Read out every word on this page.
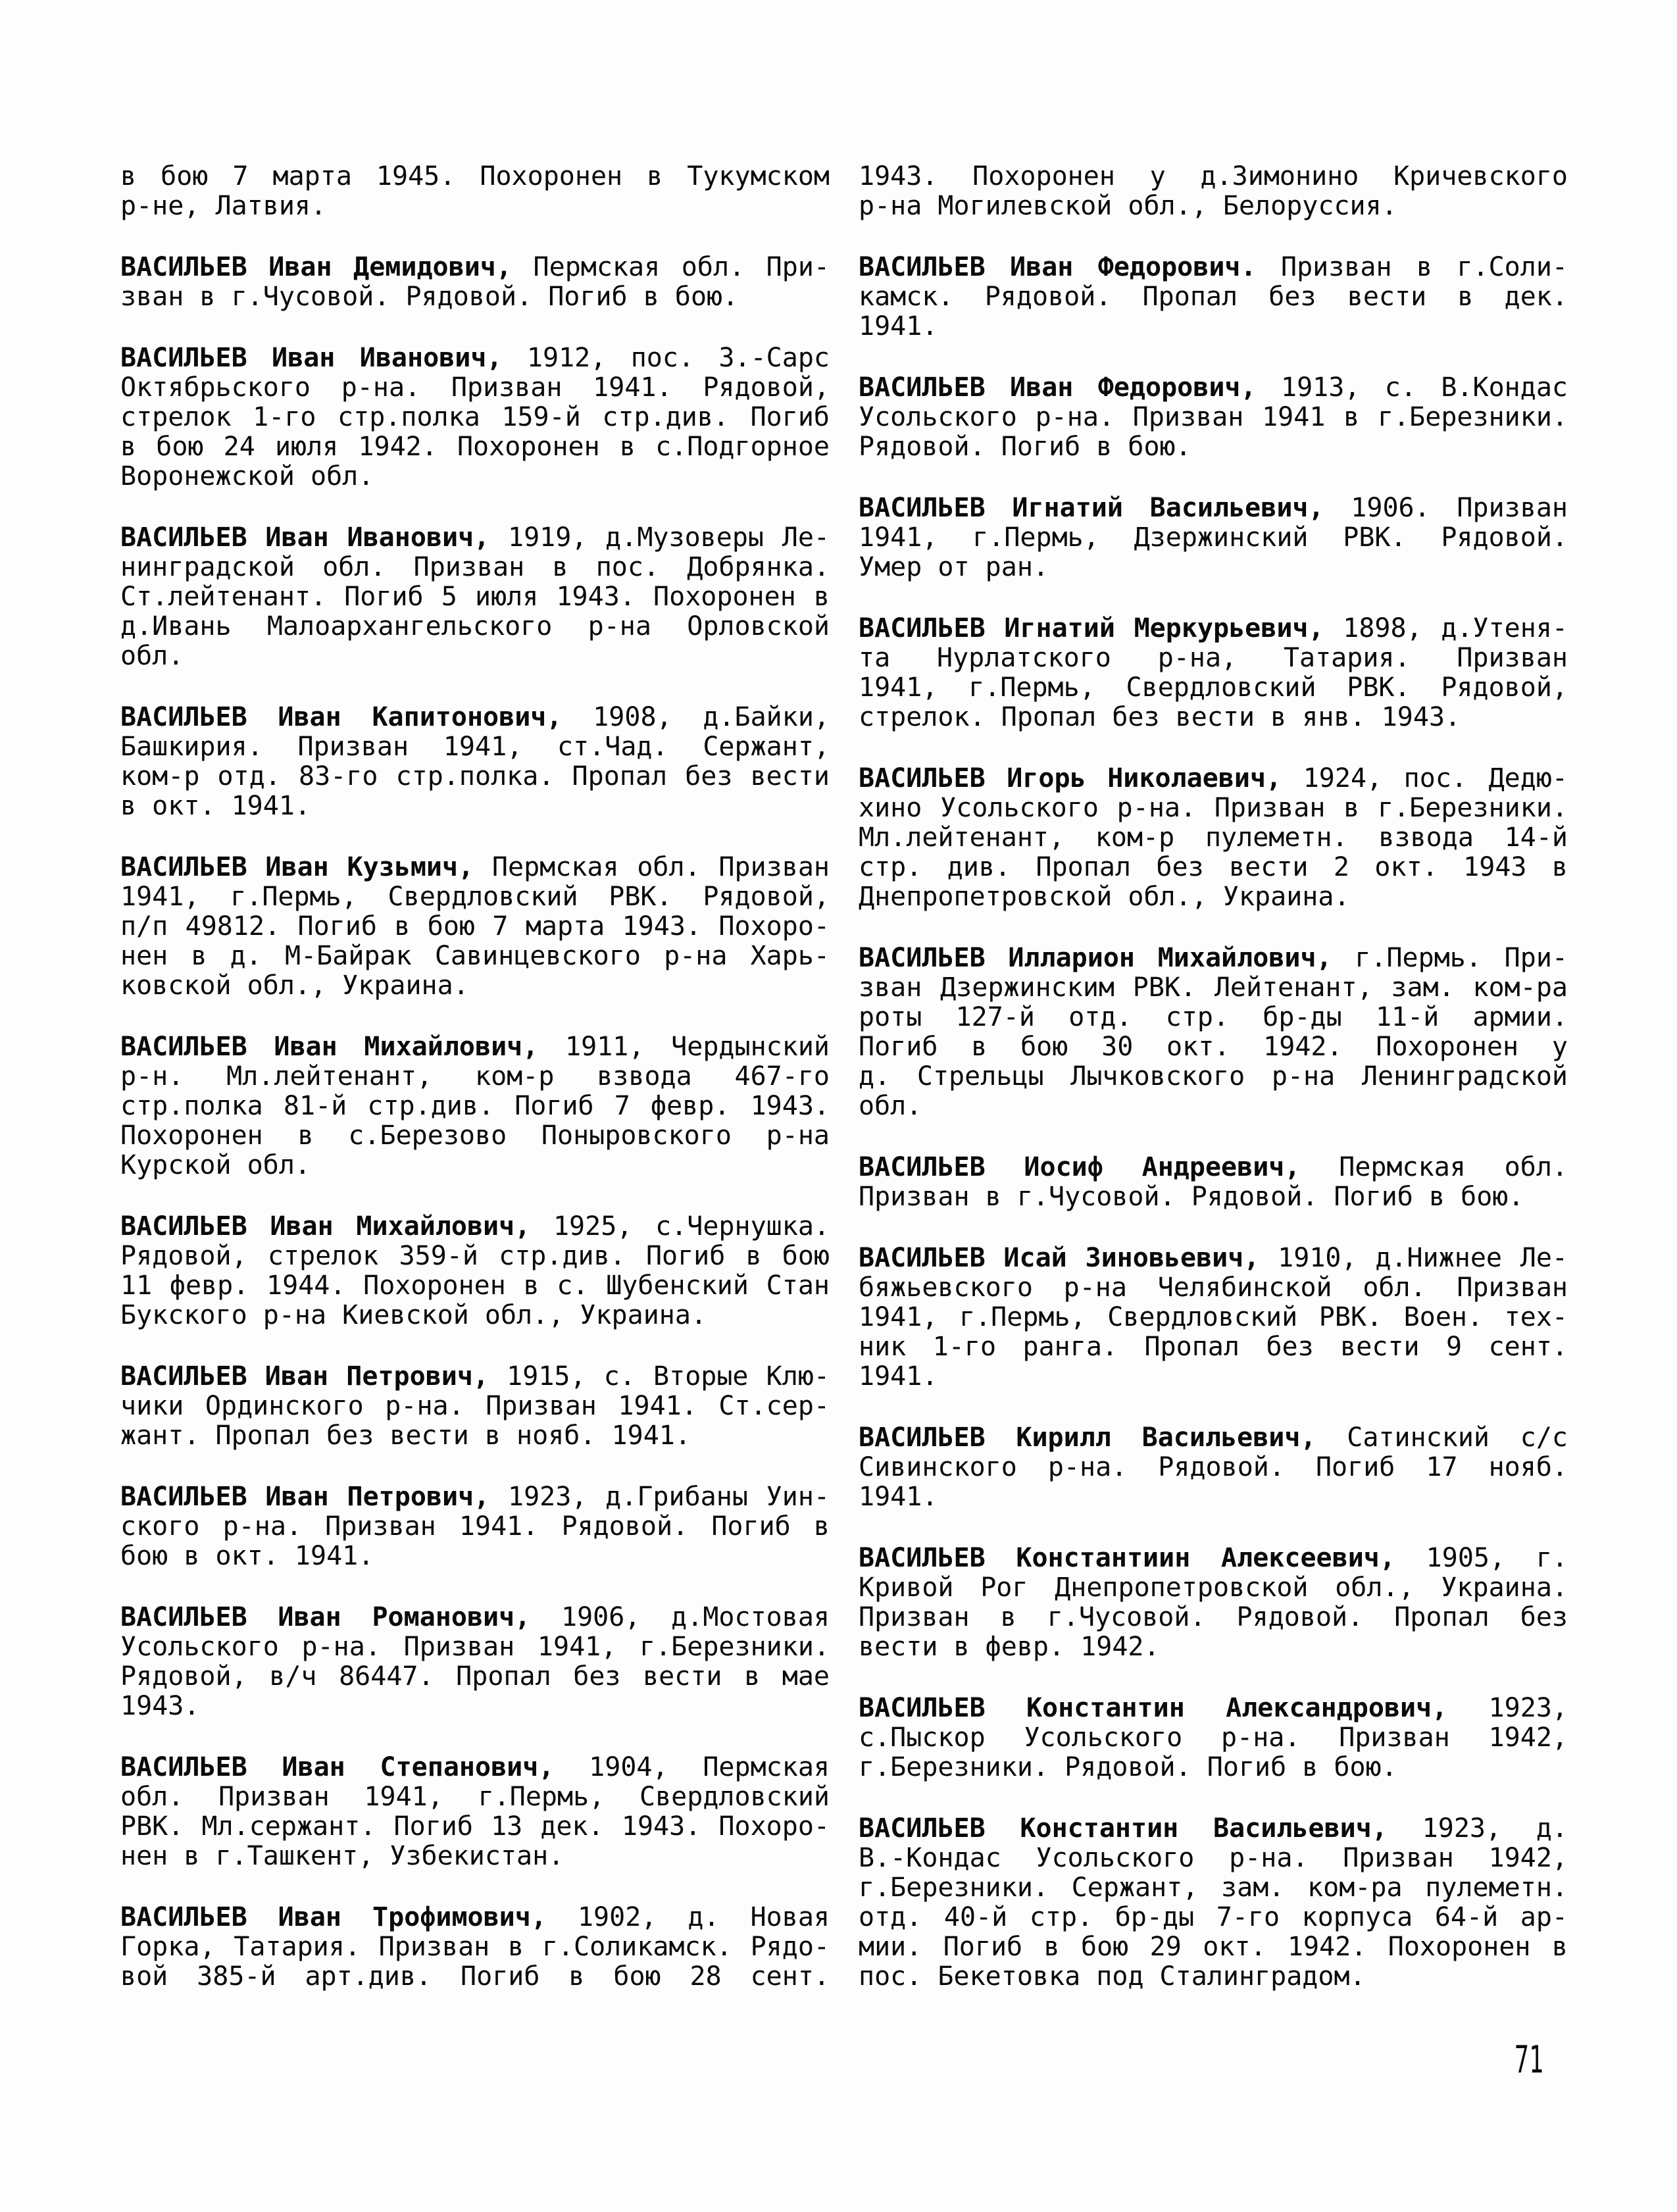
в бою 7 марта 1945. Похоронен в Тукумском
р-не, Латвия.
ВАСИЛЬЕВ Иван Демидович, Пермская обл. При-
зван в г.Чусовой. Рядовой. Погиб в бою.
ВАСИЛЬЕВ Иван Иванович, 1912, пос. З.-Сарс
Октябрьского р-на. Призван 1941. Рядовой,
стрелок 1-го стр.полка 159-й стр.див. Погиб
в бою 24 июля 1942. Похоронен в с.Подгорное
Воронежской обл.
ВАСИЛЬЕВ Иван Иванович, 1919, д.Музоверы Ле-
нинградской обл. Призван в пос. Добрянка.
Ст.лейтенант. Погиб 5 июля 1943. Похоронен в
д.Ивань Малоархангельского р-на Орловской
обл.
ВАСИЛЬЕВ Иван Капитонович, 1908, д.Байки,
Башкирия. Призван 1941, ст.Чад. Сержант,
ком-р отд. 83-го стр.полка. Пропал без вести
в окт. 1941.
ВАСИЛЬЕВ Иван Кузьмич, Пермская обл. Призван
1941, г.Пермь, Свердловский РВК. Рядовой,
п/п 49812. Погиб в бою 7 марта 1943. Похоро-
нен в д. М-Байрак Савинцевского р-на Харь-
ковской обл., Украина.
ВАСИЛЬЕВ Иван Михайлович, 1911, Чердынский
р-н. Мл.лейтенант, ком-р взвода 467-го
стр.полка 81-й стр.див. Погиб 7 февр. 1943.
Похоронен в с.Березово Поныровского р-на
Курской обл.
ВАСИЛЬЕВ Иван Михайлович, 1925, с.Чернушка.
Рядовой, стрелок 359-й стр.див. Погиб в бою
11 февр. 1944. Похоронен в с. Шубенский Стан
Букского р-на Киевской обл., Украина.
ВАСИЛЬЕВ Иван Петрович, 1915, с. Вторые Клю-
чики Ординского р-на. Призван 1941. Ст.сер-
жант. Пропал без вести в нояб. 1941.
ВАСИЛЬЕВ Иван Петрович, 1923, д.Грибаны Уин-
ского р-на. Призван 1941. Рядовой. Погиб в
бою в окт. 1941.
ВАСИЛЬЕВ Иван Романович, 1906, д.Мостовая
Усольского р-на. Призван 1941, г.Березники.
Рядовой, в/ч 86447. Пропал без вести в мае
1943.
ВАСИЛЬЕВ Иван Степанович, 1904, Пермская
обл. Призван 1941, г.Пермь, Свердловский
РВК. Мл.сержант. Погиб 13 дек. 1943. Похоро-
нен в г.Ташкент, Узбекистан.
ВАСИЛЬЕВ Иван Трофимович, 1902, д. Новая
Горка, Татария. Призван в г.Соликамск. Рядо-
вой 385-й арт.див. Погиб в бою 28 сент.
1943. Похоронен у д.Зимонино Кричевского
р-на Могилевской обл., Белоруссия.
ВАСИЛЬЕВ Иван Федорович. Призван в г.Соли-
камск. Рядовой. Пропал без вести в дек.
1941.
ВАСИЛЬЕВ Иван Федорович, 1913, с. В.Кондас
Усольского р-на. Призван 1941 в г.Березники.
Рядовой. Погиб в бою.
ВАСИЛЬЕВ Игнатий Васильевич, 1906. Призван
1941, г.Пермь, Дзержинский РВК. Рядовой.
Умер от ран.
ВАСИЛЬЕВ Игнатий Меркурьевич, 1898, д.Утеня-
та Нурлатского р-на, Татария. Призван
1941, г.Пермь, Свердловский РВК. Рядовой,
стрелок. Пропал без вести в янв. 1943.
ВАСИЛЬЕВ Игорь Николаевич, 1924, пос. Дедю-
хино Усольского р-на. Призван в г.Березники.
Мл.лейтенант, ком-р пулеметн. взвода 14-й
стр. див. Пропал без вести 2 окт. 1943 в
Днепропетровской обл., Украина.
ВАСИЛЬЕВ Илларион Михайлович, г.Пермь. При-
зван Дзержинским РВК. Лейтенант, зам. ком-ра
роты 127-й отд. стр. бр-ды 11-й армии.
Погиб в бою 30 окт. 1942. Похоронен у
д. Стрельцы Лычковского р-на Ленинградской
обл.
ВАСИЛЬЕВ Иосиф Андреевич, Пермская обл.
Призван в г.Чусовой. Рядовой. Погиб в бою.
ВАСИЛЬЕВ Исай Зиновьевич, 1910, д.Нижнее Ле-
бяжьевского р-на Челябинской обл. Призван
1941, г.Пермь, Свердловский РВК. Воен. тех-
ник 1-го ранга. Пропал без вести 9 сент.
1941.
ВАСИЛЬЕВ Кирилл Васильевич, Сатинский с/с
Сивинского р-на. Рядовой. Погиб 17 нояб.
1941.
ВАСИЛЬЕВ Константиин Алексеевич, 1905, г.
Кривой Рог Днепропетровской обл., Украина.
Призван в г.Чусовой. Рядовой. Пропал без
вести в февр. 1942.
ВАСИЛЬЕВ Константин Александрович, 1923,
с.Пыскор Усольского р-на. Призван 1942,
г.Березники. Рядовой. Погиб в бою.
ВАСИЛЬЕВ Константин Васильевич, 1923, д.
В.-Кондас Усольского р-на. Призван 1942,
г.Березники. Сержант, зам. ком-ра пулеметн.
отд. 40-й стр. бр-ды 7-го корпуса 64-й ар-
мии. Погиб в бою 29 окт. 1942. Похоронен в
пос. Бекетовка под Сталинградом.
71
